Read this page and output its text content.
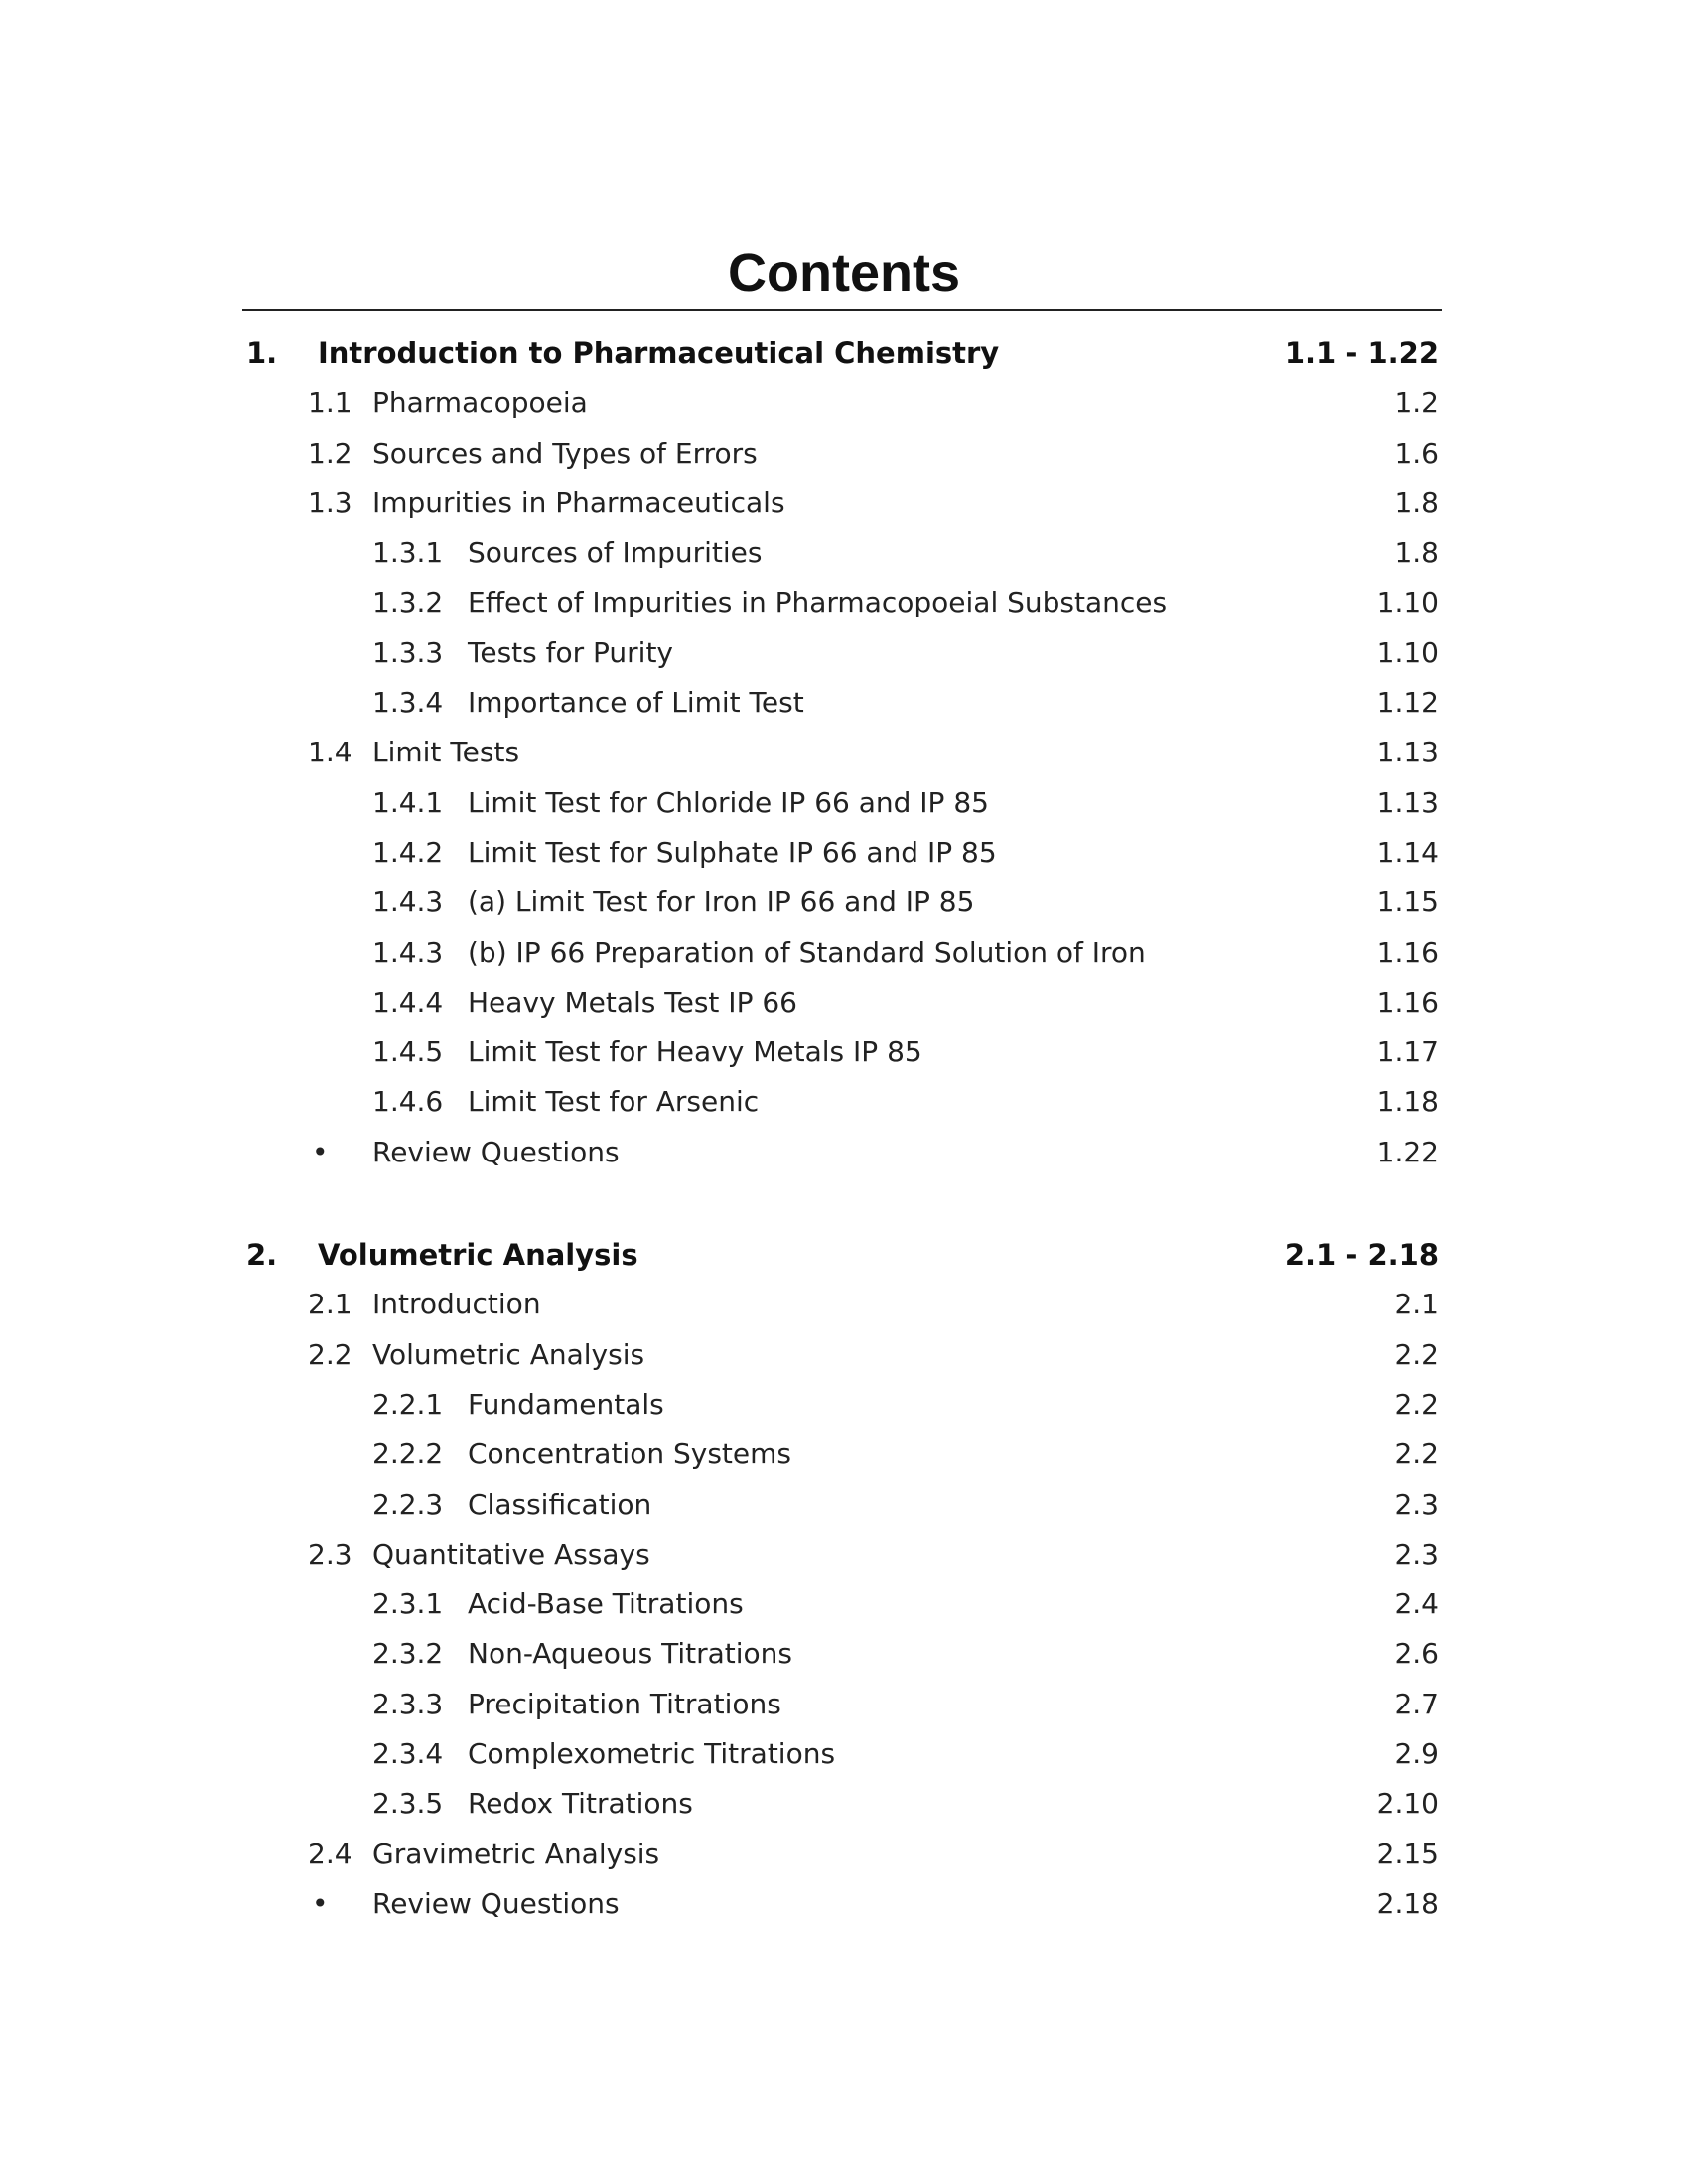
Contents
1. Introduction to Pharmaceutical Chemistry	1.1 - 1.22
1.1 Pharmacopoeia	1.2
1.2 Sources and Types of Errors	1.6
1.3 Impurities in Pharmaceuticals	1.8
1.3.1 Sources of Impurities	1.8
1.3.2 Effect of Impurities in Pharmacopoeial Substances	1.10
1.3.3 Tests for Purity	1.10
1.3.4 Importance of Limit Test	1.12
1.4 Limit Tests	1.13
1.4.1 Limit Test for Chloride IP 66 and IP 85	1.13
1.4.2 Limit Test for Sulphate IP 66 and IP 85	1.14
1.4.3 (a) Limit Test for Iron IP 66 and IP 85	1.15
1.4.3 (b) IP 66 Preparation of Standard Solution of Iron	1.16
1.4.4 Heavy Metals Test IP 66	1.16
1.4.5 Limit Test for Heavy Metals IP 85	1.17
1.4.6 Limit Test for Arsenic	1.18
• Review Questions	1.22
2. Volumetric Analysis	2.1 - 2.18
2.1 Introduction	2.1
2.2 Volumetric Analysis	2.2
2.2.1 Fundamentals	2.2
2.2.2 Concentration Systems	2.2
2.2.3 Classification	2.3
2.3 Quantitative Assays	2.3
2.3.1 Acid-Base Titrations	2.4
2.3.2 Non-Aqueous Titrations	2.6
2.3.3 Precipitation Titrations	2.7
2.3.4 Complexometric Titrations	2.9
2.3.5 Redox Titrations	2.10
2.4 Gravimetric Analysis	2.15
• Review Questions	2.18
